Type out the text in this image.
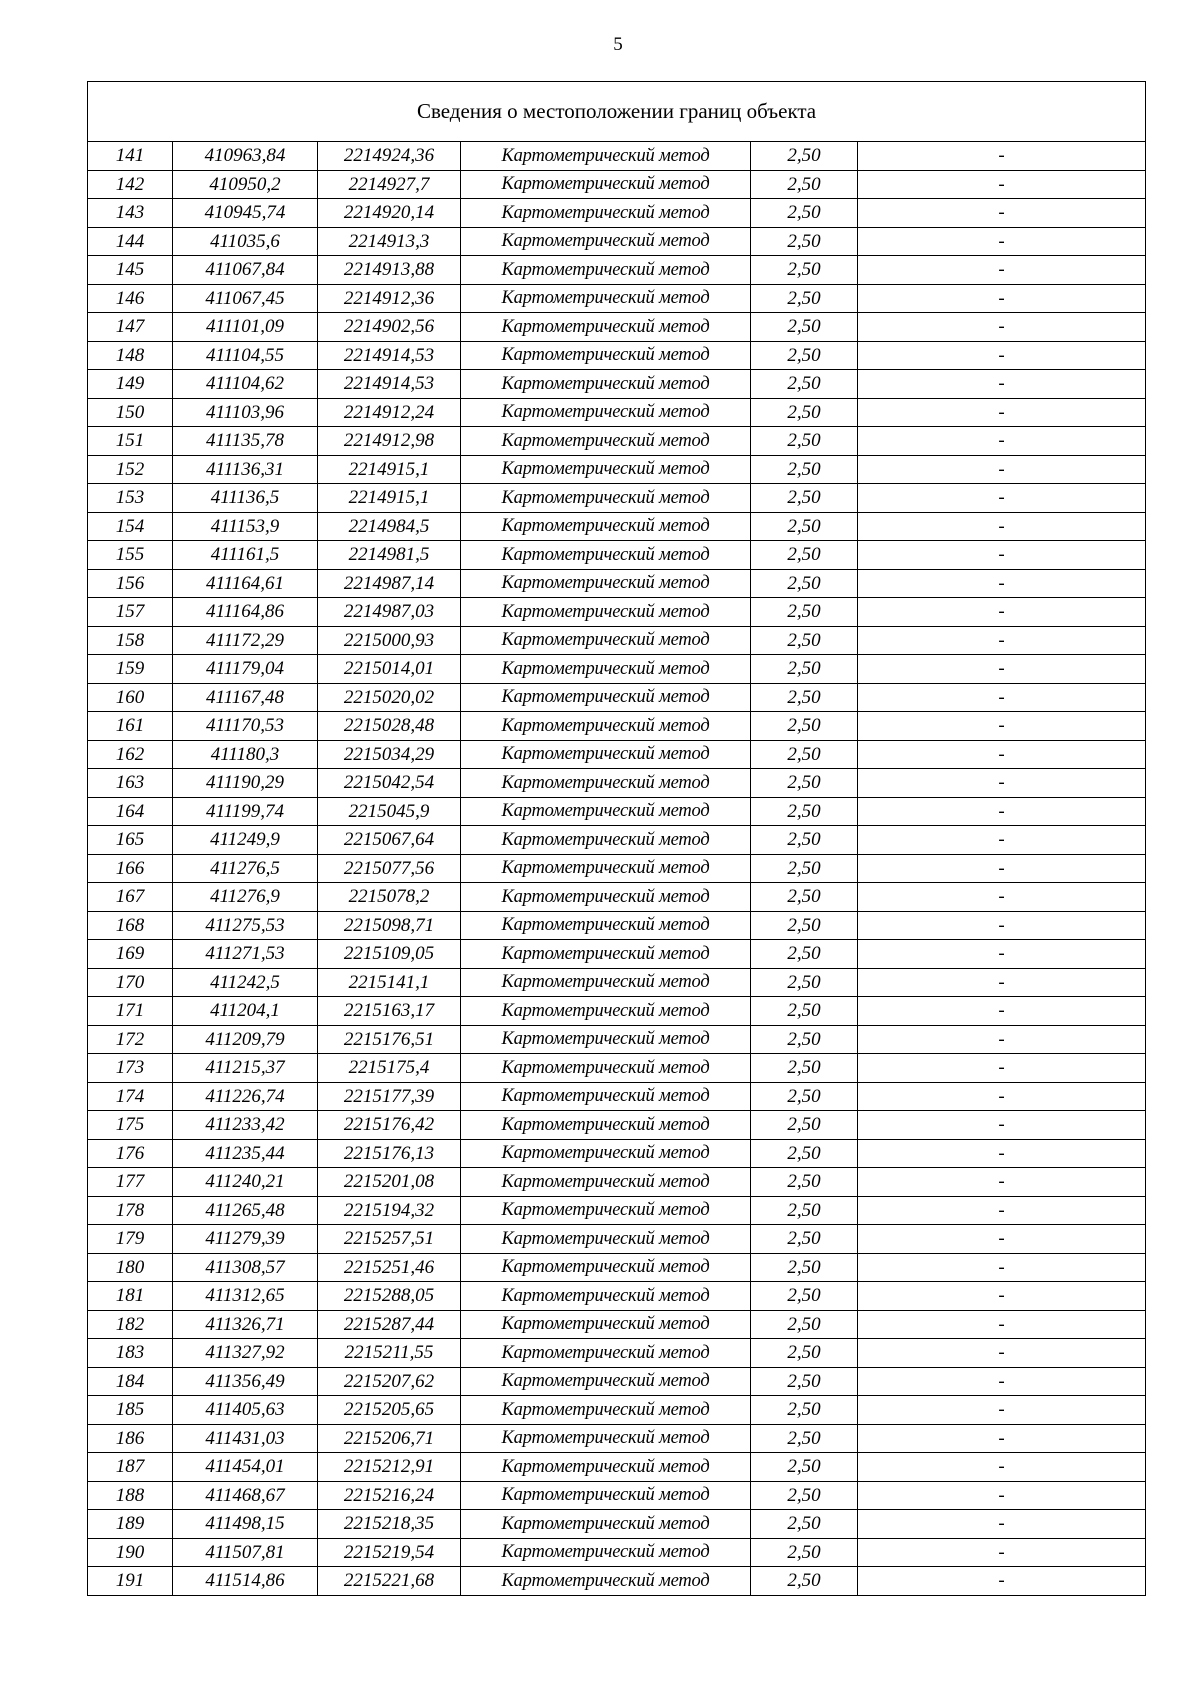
5
Сведения о местоположении границ объекта					
141	410963,84	2214924,36	Картометрический метод	2,50	-
142	410950,2	2214927,7	Картометрический метод	2,50	-
143	410945,74	2214920,14	Картометрический метод	2,50	-
144	411035,6	2214913,3	Картометрический метод	2,50	-
145	411067,84	2214913,88	Картометрический метод	2,50	-
146	411067,45	2214912,36	Картометрический метод	2,50	-
147	411101,09	2214902,56	Картометрический метод	2,50	-
148	411104,55	2214914,53	Картометрический метод	2,50	-
149	411104,62	2214914,53	Картометрический метод	2,50	-
150	411103,96	2214912,24	Картометрический метод	2,50	-
151	411135,78	2214912,98	Картометрический метод	2,50	-
152	411136,31	2214915,1	Картометрический метод	2,50	-
153	411136,5	2214915,1	Картометрический метод	2,50	-
154	411153,9	2214984,5	Картометрический метод	2,50	-
155	411161,5	2214981,5	Картометрический метод	2,50	-
156	411164,61	2214987,14	Картометрический метод	2,50	-
157	411164,86	2214987,03	Картометрический метод	2,50	-
158	411172,29	2215000,93	Картометрический метод	2,50	-
159	411179,04	2215014,01	Картометрический метод	2,50	-
160	411167,48	2215020,02	Картометрический метод	2,50	-
161	411170,53	2215028,48	Картометрический метод	2,50	-
162	411180,3	2215034,29	Картометрический метод	2,50	-
163	411190,29	2215042,54	Картометрический метод	2,50	-
164	411199,74	2215045,9	Картометрический метод	2,50	-
165	411249,9	2215067,64	Картометрический метод	2,50	-
166	411276,5	2215077,56	Картометрический метод	2,50	-
167	411276,9	2215078,2	Картометрический метод	2,50	-
168	411275,53	2215098,71	Картометрический метод	2,50	-
169	411271,53	2215109,05	Картометрический метод	2,50	-
170	411242,5	2215141,1	Картометрический метод	2,50	-
171	411204,1	2215163,17	Картометрический метод	2,50	-
172	411209,79	2215176,51	Картометрический метод	2,50	-
173	411215,37	2215175,4	Картометрический метод	2,50	-
174	411226,74	2215177,39	Картометрический метод	2,50	-
175	411233,42	2215176,42	Картометрический метод	2,50	-
176	411235,44	2215176,13	Картометрический метод	2,50	-
177	411240,21	2215201,08	Картометрический метод	2,50	-
178	411265,48	2215194,32	Картометрический метод	2,50	-
179	411279,39	2215257,51	Картометрический метод	2,50	-
180	411308,57	2215251,46	Картометрический метод	2,50	-
181	411312,65	2215288,05	Картометрический метод	2,50	-
182	411326,71	2215287,44	Картометрический метод	2,50	-
183	411327,92	2215211,55	Картометрический метод	2,50	-
184	411356,49	2215207,62	Картометрический метод	2,50	-
185	411405,63	2215205,65	Картометрический метод	2,50	-
186	411431,03	2215206,71	Картометрический метод	2,50	-
187	411454,01	2215212,91	Картометрический метод	2,50	-
188	411468,67	2215216,24	Картометрический метод	2,50	-
189	411498,15	2215218,35	Картометрический метод	2,50	-
190	411507,81	2215219,54	Картометрический метод	2,50	-
191	411514,86	2215221,68	Картометрический метод	2,50	-
